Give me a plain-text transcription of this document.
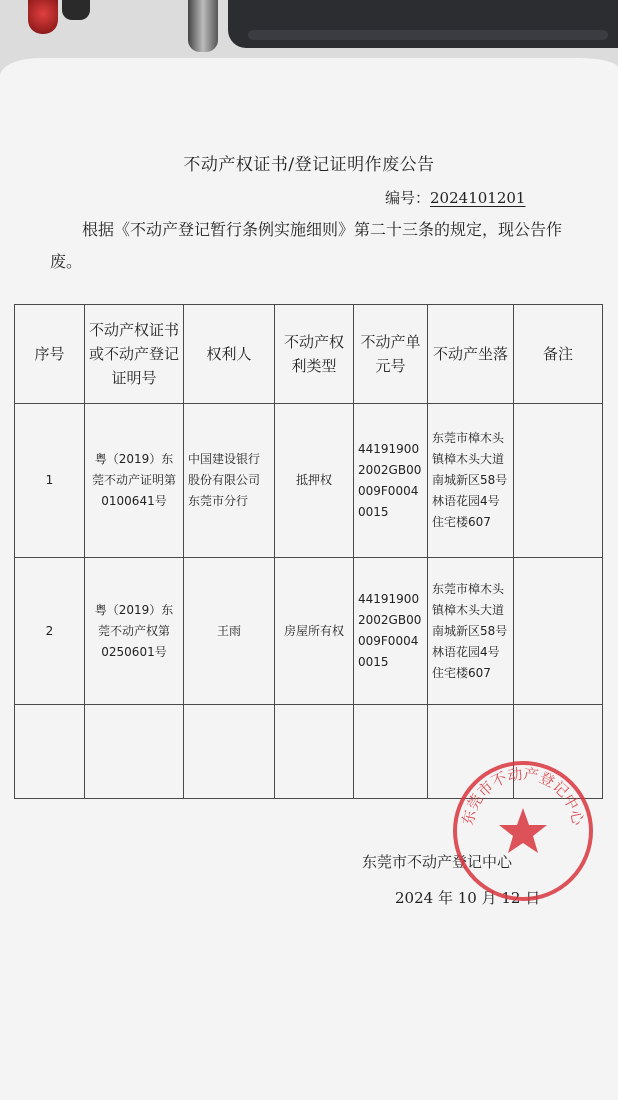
不动产权证书/登记证明作废公告
编号：2024101201
根据《不动产登记暂行条例实施细则》第二十三条的规定，现公告作废。
序号	不动产权证书或不动产登记证明号	权利人	不动产权利类型	不动产单元号	不动产坐落	备注
1	粤（2019）东莞不动产证明第0100641号	中国建设银行股份有限公司东莞市分行	抵押权	441919002002GB00009F00040015	东莞市樟木头镇樟木头大道南城新区58号林语花园4号住宅楼607	
2	粤（2019）东莞不动产权第0250601号	王雨	房屋所有权	441919002002GB00009F00040015	东莞市樟木头镇樟木头大道南城新区58号林语花园4号住宅楼607	

东莞市不动产登记中心
2024 年 10 月 12 日
东莞市不动产登记中心
